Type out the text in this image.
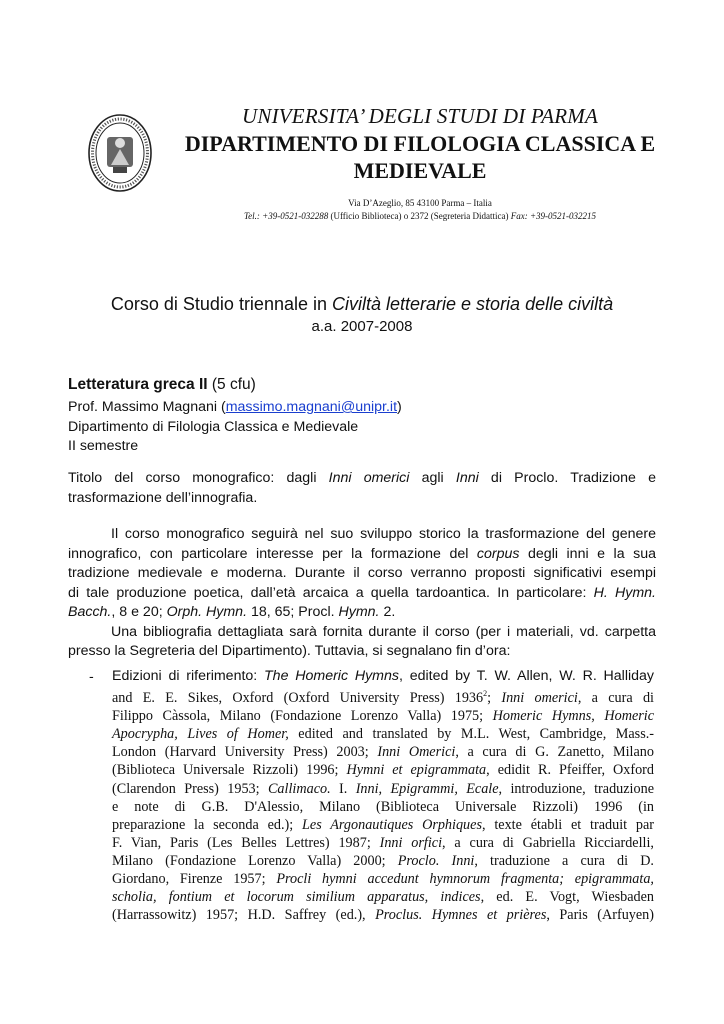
UNIVERSITA’ DEGLI STUDI DI PARMA
DIPARTIMENTO DI FILOLOGIA CLASSICA E
MEDIEVALE
Via D’Azeglio, 85 43100 Parma – Italia
Tel.: +39-0521-032288 (Ufficio Biblioteca) o 2372 (Segreteria Didattica) Fax: +39-0521-032215
Corso di Studio triennale in Civiltà letterarie e storia delle civiltà
a.a. 2007-2008
Letteratura greca II (5 cfu)
Prof. Massimo Magnani (massimo.magnani@unipr.it)
Dipartimento di Filologia Classica e Medievale
II semestre
Titolo del corso monografico: dagli Inni omerici agli Inni di Proclo. Tradizione e
trasformazione dell’innografia.
Il corso monografico seguirà nel suo sviluppo storico la trasformazione del genere
innografico, con particolare interesse per la formazione del corpus degli inni e la sua
tradizione medievale e moderna. Durante il corso verranno proposti significativi esempi
di tale produzione poetica, dall’età arcaica a quella tardoantica. In particolare: H. Hymn.
Bacch., 8 e 20; Orph. Hymn. 18, 65; Procl. Hymn. 2.
Una bibliografia dettagliata sarà fornita durante il corso (per i materiali, vd. carpetta
presso la Segreteria del Dipartimento). Tuttavia, si segnalano fin d’ora:
- Edizioni di riferimento: The Homeric Hymns, edited by T. W. Allen, W. R. Halliday
and E. E. Sikes, Oxford (Oxford University Press) 1936$^2$; Inni omerici, a cura di
Filippo Càssola, Milano (Fondazione Lorenzo Valla) 1975; Homeric Hymns, Homeric
Apocrypha, Lives of Homer, edited and translated by M.L. West, Cambridge, Mass.-
London (Harvard University Press) 2003; Inni Omerici, a cura di G. Zanetto, Milano
(Biblioteca Universale Rizzoli) 1996; Hymni et epigrammata, edidit R. Pfeiffer, Oxford
(Clarendon Press) 1953; Callimaco. I. Inni, Epigrammi, Ecale, introduzione, traduzione
e note di G.B. D'Alessio, Milano (Biblioteca Universale Rizzoli) 1996 (in
preparazione la seconda ed.); Les Argonautiques Orphiques, texte établi et traduit par
F. Vian, Paris (Les Belles Lettres) 1987; Inni orfici, a cura di Gabriella Ricciardelli,
Milano (Fondazione Lorenzo Valla) 2000; Proclo. Inni, traduzione a cura di D.
Giordano, Firenze 1957; Procli hymni accedunt hymnorum fragmenta; epigrammata,
scholia, fontium et locorum similium apparatus, indices, ed. E. Vogt, Wiesbaden
(Harrassowitz) 1957; H.D. Saffrey (ed.), Proclus. Hymnes et prières, Paris (Arfuyen)
